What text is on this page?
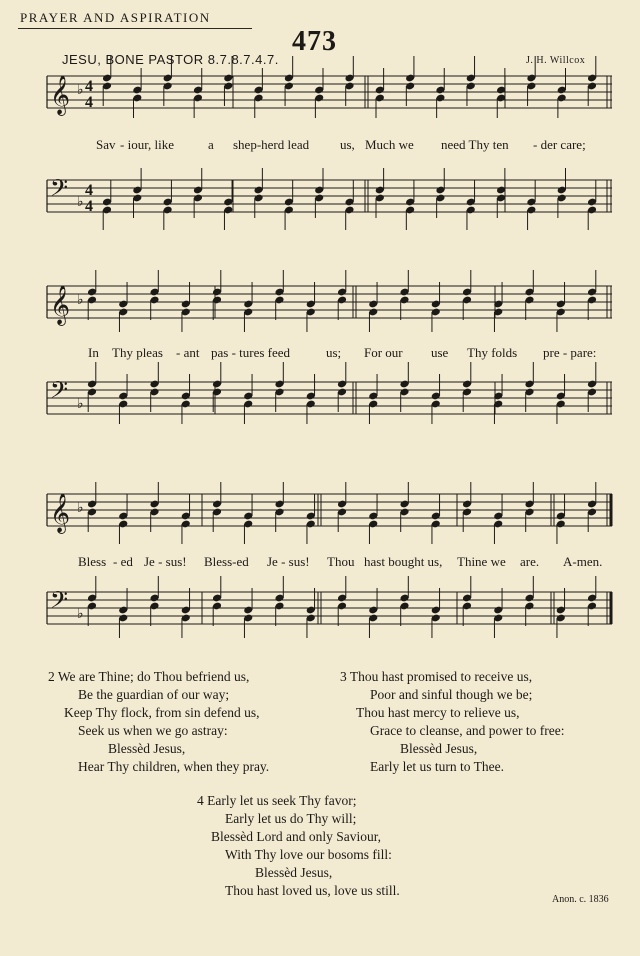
PRAYER AND ASPIRATION
473
JESU, BONE PASTOR 8.7.8.7.4.7.	J. H. Willcox
𝄞 ♭ 4
4
𝄢 ♭
4
4
𝄞 ♭
𝄢 ♭
𝄞 ♭
𝄢 ♭
Sav - iour, like	a shep-herd lead us, Much we need Thy ten - der care;
In Thy pleas - ant pas - tures feed	us; For our use Thy folds pre - pare:
Bless - ed Je - sus! Bless-ed Je - sus! Thou hast bought us, Thine we are. A-men.
2 We are Thine; do Thou befriend us,
Be the guardian of our way;
Keep Thy flock, from sin defend us,
Seek us when we go astray:
Blessèd Jesus,
Hear Thy children, when they pray.
3 Thou hast promised to receive us,
Poor and sinful though we be;
Thou hast mercy to relieve us,
Grace to cleanse, and power to free:
Blessèd Jesus,
Early let us turn to Thee.
4 Early let us seek Thy favor;
Early let us do Thy will;
Blessèd Lord and only Saviour,
With Thy love our bosoms fill:
Blessèd Jesus,
Thou hast loved us, love us still.
Anon. c. 1836
